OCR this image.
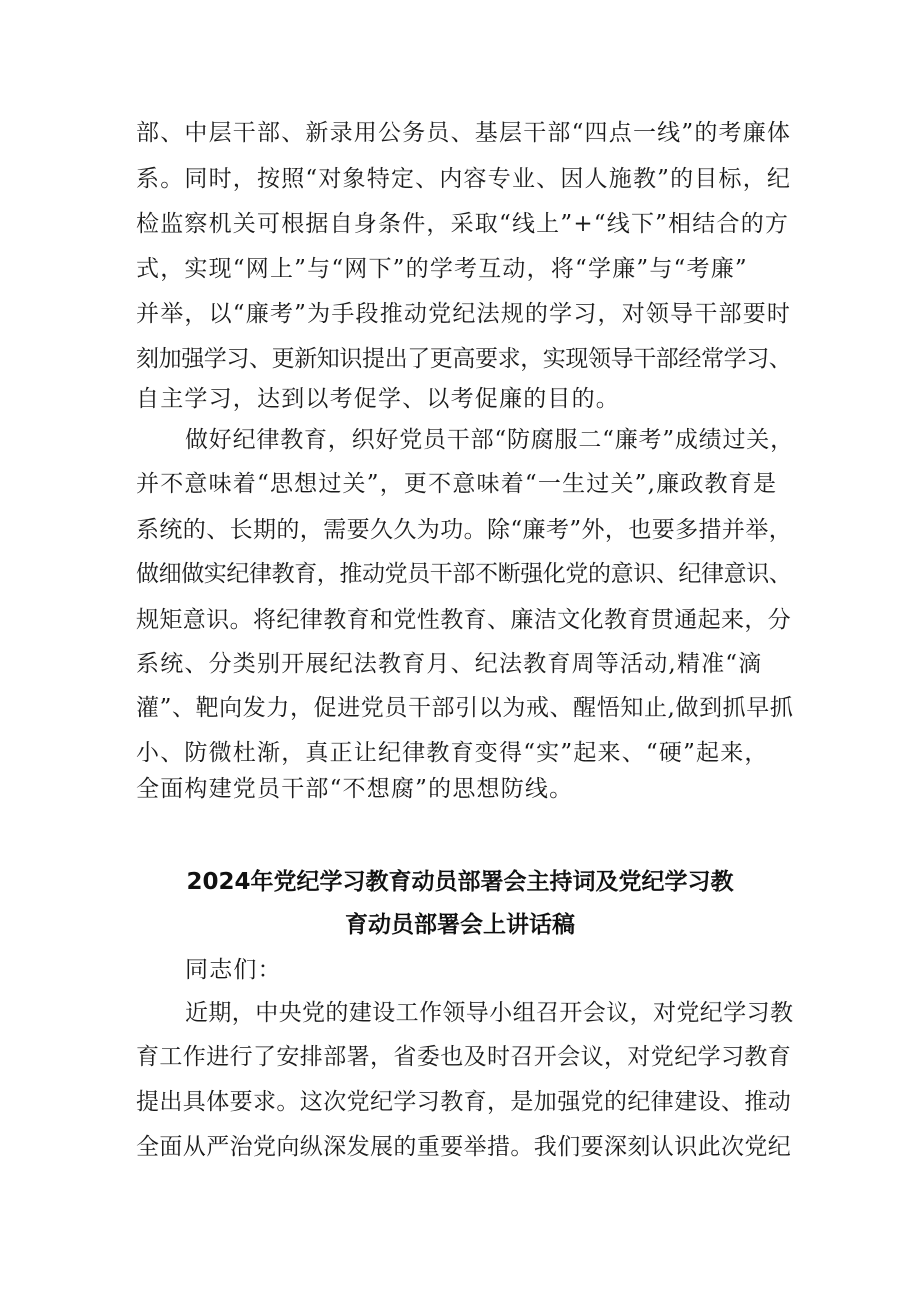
部、中层干部、新录用公务员、基层干部“四点一线”的考廉体
系。同时，按照“对象特定、内容专业、因人施教”的目标，纪
检监察机关可根据自身条件，采取“线上”+“线下”相结合的方
式，实现“网上”与“网下”的学考互动，将“学廉”与“考廉”
并举，以“廉考”为手段推动党纪法规的学习，对领导干部要时
刻加强学习、更新知识提出了更高要求，实现领导干部经常学习、
自主学习，达到以考促学、以考促廉的目的。
做好纪律教育，织好党员干部“防腐服二“廉考”成绩过关，
并不意味着“思想过关”，更不意味着“一生过关”,廉政教育是
系统的、长期的，需要久久为功。除“廉考”外，也要多措并举，
做细做实纪律教育，推动党员干部不断强化党的意识、纪律意识、
规矩意识。将纪律教育和党性教育、廉洁文化教育贯通起来，分
系统、分类别开展纪法教育月、纪法教育周等活动,精准“滴
灌”、靶向发力，促进党员干部引以为戒、醒悟知止,做到抓早抓
小、防微杜渐，真正让纪律教育变得“实”起来、“硬”起来，
全面构建党员干部“不想腐”的思想防线。
2024年党纪学习教育动员部署会主持词及党纪学习教
育动员部署会上讲话稿
同志们：
近期，中央党的建设工作领导小组召开会议，对党纪学习教
育工作进行了安排部署，省委也及时召开会议，对党纪学习教育
提出具体要求。这次党纪学习教育，是加强党的纪律建设、推动
全面从严治党向纵深发展的重要举措。我们要深刻认识此次党纪
